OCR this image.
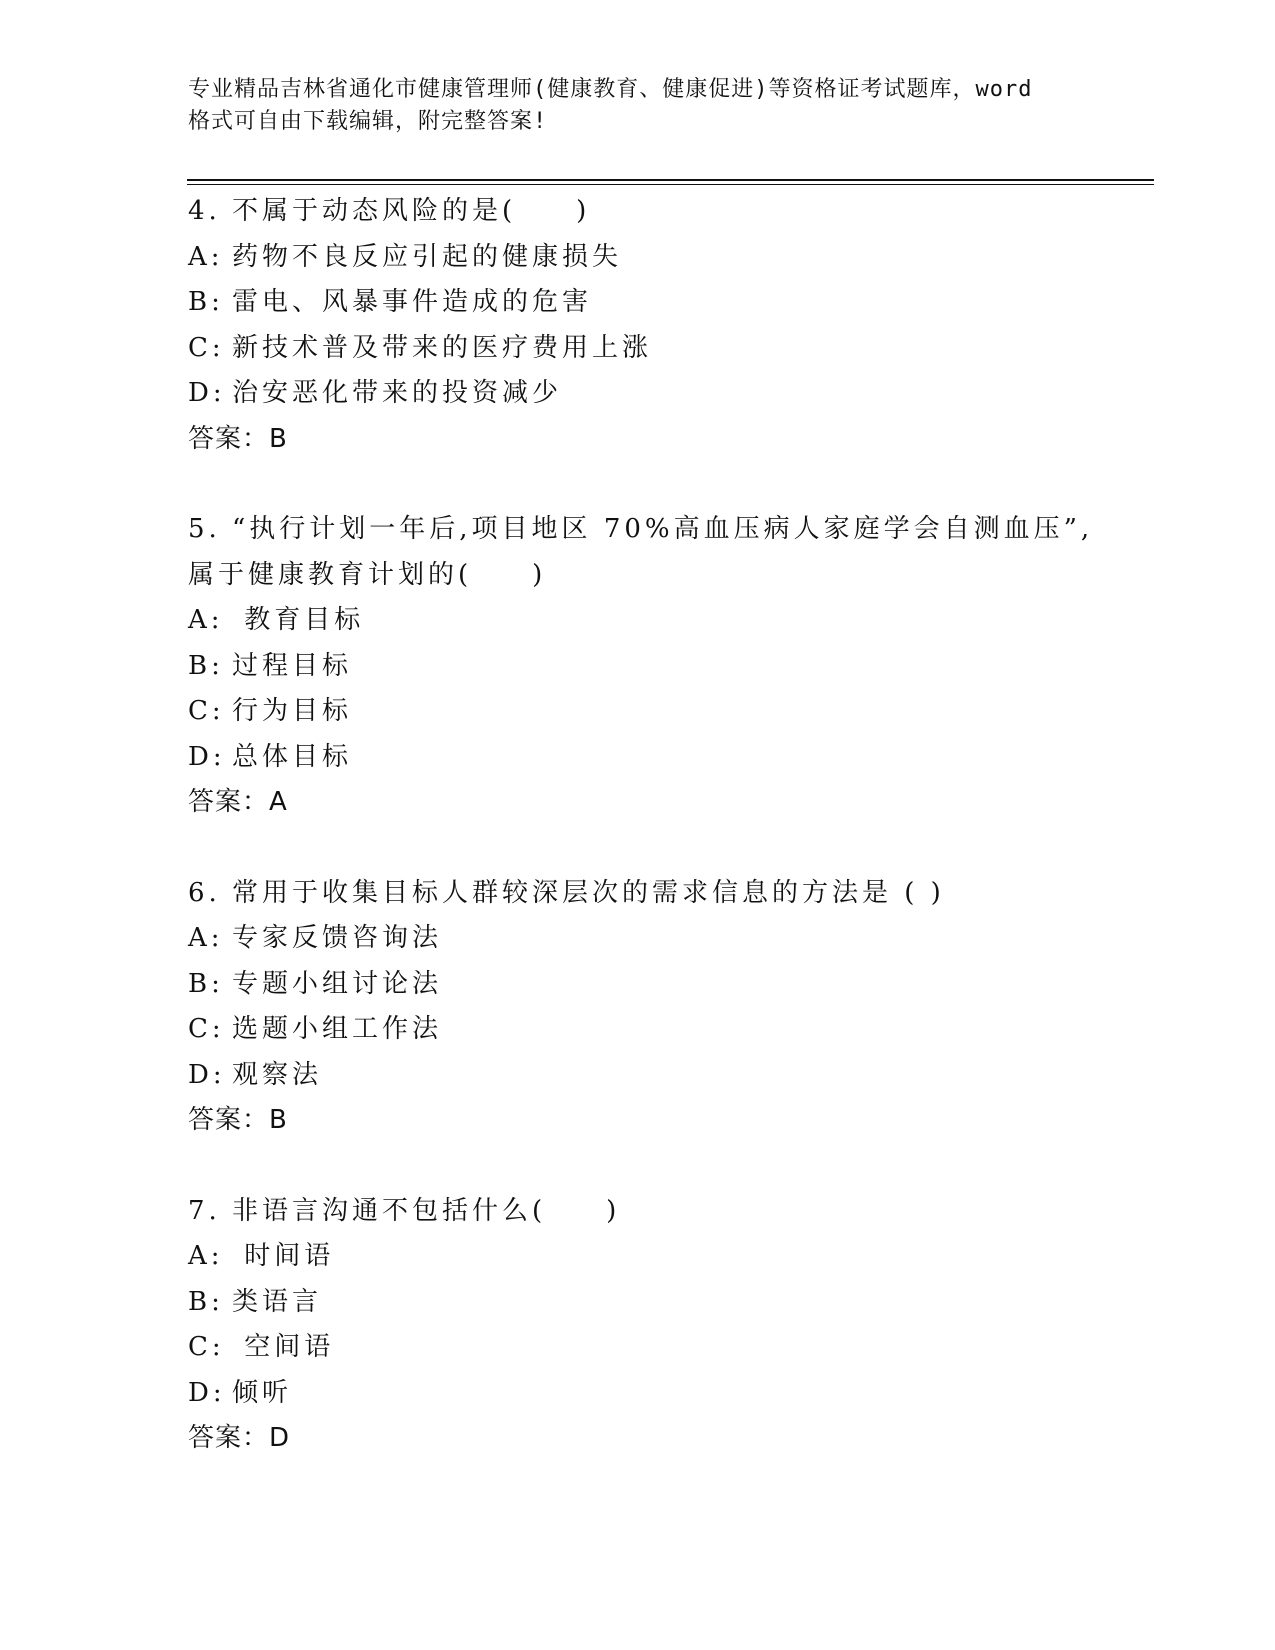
专业精品吉林省通化市健康管理师(健康教育、健康促进)等资格证考试题库，word
格式可自由下载编辑，附完整答案!
4. 不属于动态风险的是(　　)
A: 药物不良反应引起的健康损失
B: 雷电、风暴事件造成的危害
C: 新技术普及带来的医疗费用上涨
D: 治安恶化带来的投资减少
答案：B
5. “执行计划一年后,项目地区 70%高血压病人家庭学会自测血压”,
属于健康教育计划的(　　)
A: 教育目标
B: 过程目标
C: 行为目标
D: 总体目标
答案：A
6. 常用于收集目标人群较深层次的需求信息的方法是 ( )
A: 专家反馈咨询法
B: 专题小组讨论法
C: 选题小组工作法
D: 观察法
答案：B
7. 非语言沟通不包括什么(　　)
A: 时间语
B: 类语言
C: 空间语
D: 倾听
答案：D
